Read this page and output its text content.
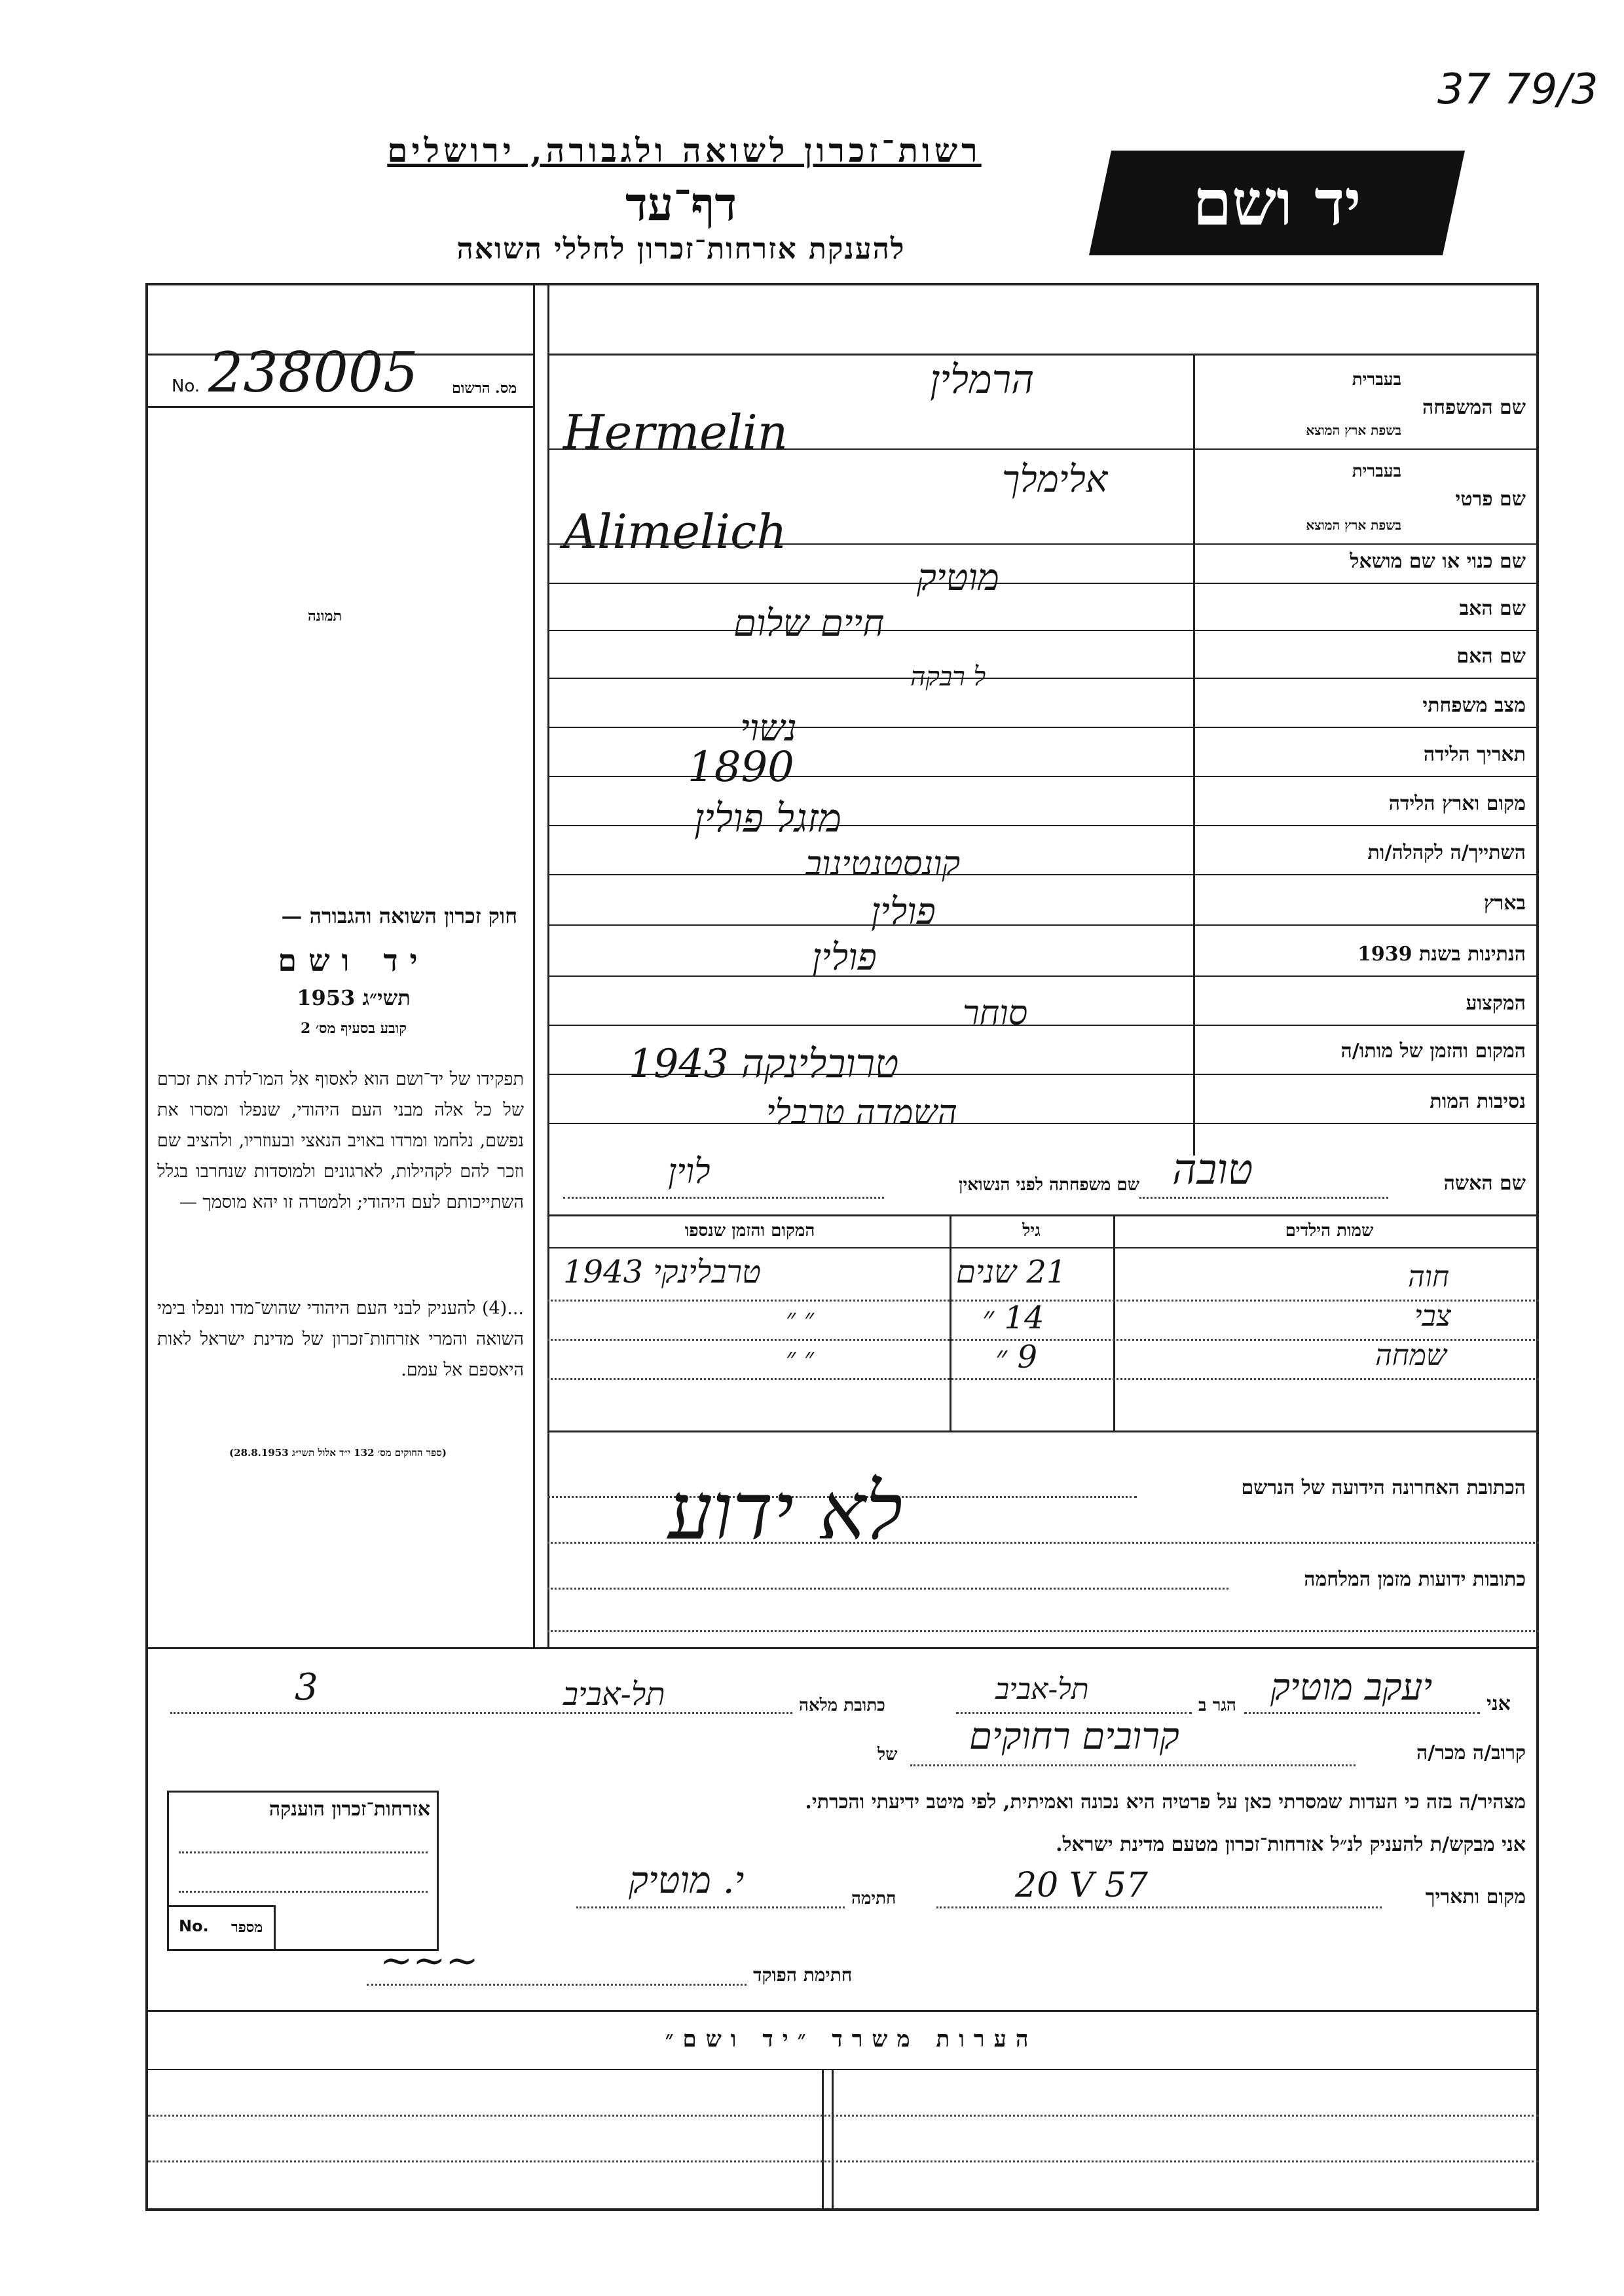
37 79/3
רשות־זכרון לשואה ולגבורה, ירושלים
דף־עד
להענקת אזרחות־זכרון לחללי השואה
יד ושם
No. 238005 מס. הרשום
תמונה
חוק זכרון השואה והגבורה —
יד ושם
תשי״ג 1953
קובע בסעיף מס׳ 2
תפקידו של יד־ושם הוא לאסוף אל המו־לדת את זכרם של כל אלה מבני העם היהודי, שנפלו ומסרו את נפשם, נלחמו ומרדו באויב הנאצי ובעוזריו, ולהציב שם וזכר להם לקהילות, לארגונים ולמוסדות שנחרבו בגלל השתייכותם לעם היהודי; ולמטרה זו יהא מוסמך —
...(4) להעניק לבני העם היהודי שהוש־מדו ונפלו בימי השואה והמרי אזרחות־זכרון של מדינת ישראל לאות היאספם אל עמם.
(ספר החוקים מס׳ 132 י״ד אלול תשי״ג 28.8.1953)
שם המשפחה
בעברית
בשפת ארץ המוצא
הרמלין
Hermelin
שם פרטי
בעברית
בשפת ארץ המוצא
אלימלך
Alimelich
שם כנוי או שם מושאל
מוטיק
שם האב
חיים שלום
שם האם
מצב משפחתי
נשוי
ל רבקה
תאריך הלידה
1890
מקום וארץ הלידה
מזגל פולין
השתייך/ה לקהלה/ות
קונסטנטינוב
בארץ
פולין
הנתינות בשנת 1939
פולין
המקצוע
סוחר
המקום והזמן של מותו/ה
טרובלינקה 1943
נסיבות המות
השמדה טרבלי
שם האשה
טובה
שם משפחתה לפני הנשואין
לוין
שמות הילדים
גיל
המקום והזמן שנספו
חוה
21 שנים
טרבלינקי 1943
צבי
14 ״
״ ״
שמחה
9 ״
״ ״
הכתובת האחרונה הידועה של הנרשם
כתובות ידועות מזמן המלחמה
לא ידוע
אני
יעקב מוטיק
הגר ב
תל-אביב
כתובת מלאה
תל-אביב
3
קרוב/ה מכר/ה
של קרובים רחוקים
מצהיר/ה בזה כי העדות שמסרתי כאן על פרטיה היא נכונה ואמיתית, לפי מיטב ידיעתי והכרתי.
אני מבקש/ת להעניק לנ״ל אזרחות־זכרון מטעם מדינת ישראל.
מקום ותאריך
20 V 57
חתימה
י. מוטיק
חתימת הפוקד
~~~
אזרחות־זכרון הוענקה
No. מספר
הערות משרד ״יד ושם״
